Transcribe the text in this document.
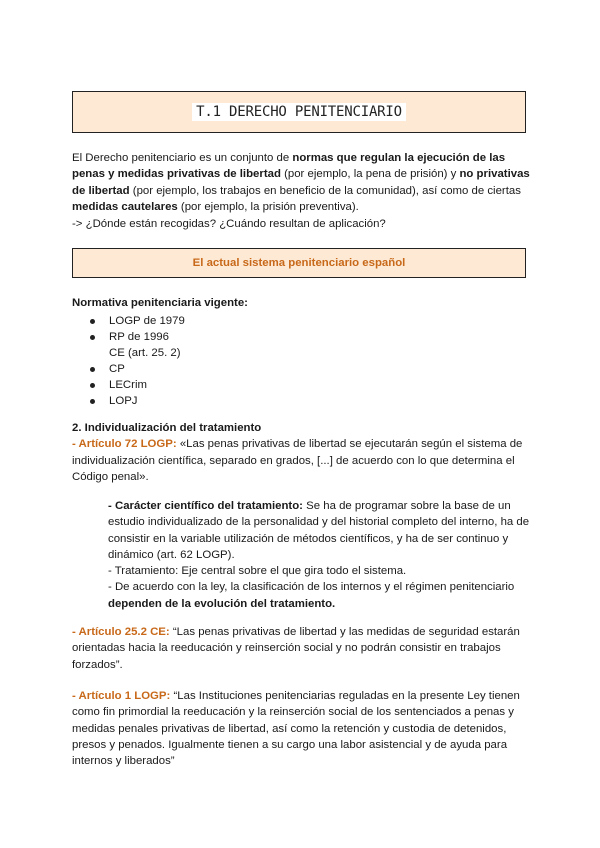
T.1 DERECHO PENITENCIARIO

El Derecho penitenciario es un conjunto de normas que regulan la ejecución de las penas y medidas privativas de libertad (por ejemplo, la pena de prisión) y no privativas de libertad (por ejemplo, los trabajos en beneficio de la comunidad), así como de ciertas medidas cautelares (por ejemplo, la prisión preventiva).

-> ¿Dónde están recogidas? ¿Cuándo resultan de aplicación?

El actual sistema penitenciario español
Normativa penitenciaria vigente:
LOGP de 1979
RP de 1996
CE (art. 25. 2)
CP
LECrim
LOPJ

2. Individualización del tratamiento

- Artículo 72 LOGP: «Las penas privativas de libertad se ejecutarán según el sistema de individualización científica, separado en grados, [...] de acuerdo con lo que determina el Código penal».

- Carácter científico del tratamiento: Se ha de programar sobre la base de un estudio individualizado de la personalidad y del historial completo del interno, ha de consistir en la variable utilización de métodos científicos, y ha de ser continuo y dinámico (art. 62 LOGP).

- Tratamiento: Eje central sobre el que gira todo el sistema.

- De acuerdo con la ley, la clasificación de los internos y el régimen penitenciario dependen de la evolución del tratamiento.

- Artículo 25.2 CE: “Las penas privativas de libertad y las medidas de seguridad estarán orientadas hacia la reeducación y reinserción social y no podrán consistir en trabajos forzados”.

- Artículo 1 LOGP: “Las Instituciones penitenciarias reguladas en la presente Ley tienen como fin primordial la reeducación y la reinserción social de los sentenciados a penas y medidas penales privativas de libertad, así como la retención y custodia de detenidos, presos y penados. Igualmente tienen a su cargo una labor asistencial y de ayuda para internos y liberados”
